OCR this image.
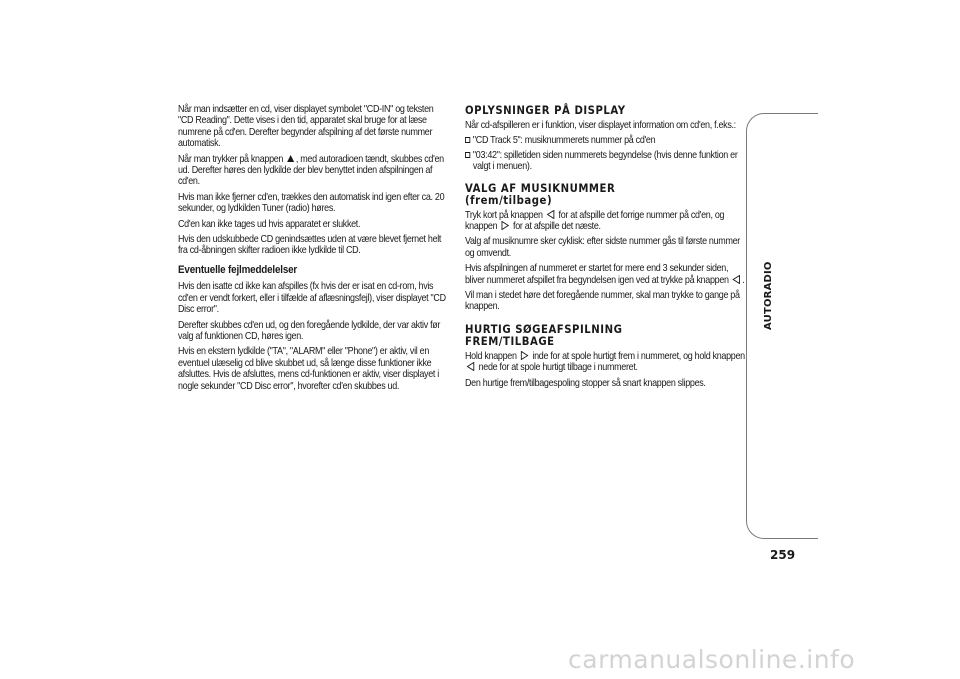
Når man indsætter en cd, viser displayet symbolet "CD-IN" og teksten "CD Reading". Dette vises i den tid, apparatet skal bruge for at læse numrene på cd'en. Derefter begynder afspilning af det første nummer automatisk.

Når man trykker på knappen , med autoradioen tændt, skubbes cd'en ud. Derefter høres den lydkilde der blev benyttet inden afspilningen af cd'en.

Hvis man ikke fjerner cd'en, trækkes den automatisk ind igen efter ca. 20 sekunder, og lydkilden Tuner (radio) høres.

Cd'en kan ikke tages ud hvis apparatet er slukket.

Hvis den udskubbede CD genindsættes uden at være blevet fjernet helt fra cd-åbningen skifter radioen ikke lydkilde til CD.

Eventuelle fejlmeddelelser

Hvis den isatte cd ikke kan afspilles (fx hvis der er isat en cd-rom, hvis cd'en er vendt forkert, eller i tilfælde af aflæsningsfejl), viser displayet "CD Disc error".

Derefter skubbes cd'en ud, og den foregående lydkilde, der var aktiv før valg af funktionen CD, høres igen.

Hvis en ekstern lydkilde ("TA", "ALARM" eller "Phone") er aktiv, vil en eventuel ulæselig cd blive skubbet ud, så længe disse funktioner ikke afsluttes. Hvis de afsluttes, mens cd-funktionen er aktiv, viser displayet i nogle sekunder "CD Disc error", hvorefter cd'en skubbes ud.

OPLYSNINGER PÅ DISPLAY

Når cd-afspilleren er i funktion, viser displayet information om cd'en, f.eks.:

"CD Track 5": musiknummerets nummer på cd'en
"03:42": spilletiden siden nummerets begyndelse (hvis denne funktion er valgt i menuen).
VALG AF MUSIKNUMMER
(frem/tilbage)

Tryk kort på knappen for at afspille det forrige nummer på cd'en, og knappen for at afspille det næste.

Valg af musiknumre sker cyklisk: efter sidste nummer gås til første nummer og omvendt.

Hvis afspilningen af nummeret er startet for mere end 3 sekunder siden, bliver nummeret afspillet fra begyndelsen igen ved at trykke på knappen .

Vil man i stedet høre det foregående nummer, skal man trykke to gange på knappen.

HURTIG SØGEAFSPILNING
FREM/TILBAGE

Hold knappen inde for at spole hurtigt frem i nummeret, og hold knappen  nede for at spole hurtigt tilbage i nummeret.

Den hurtige frem/tilbagespoling stopper så snart knappen slippes.

AUTORADIO
259
carmanualsonline.info
